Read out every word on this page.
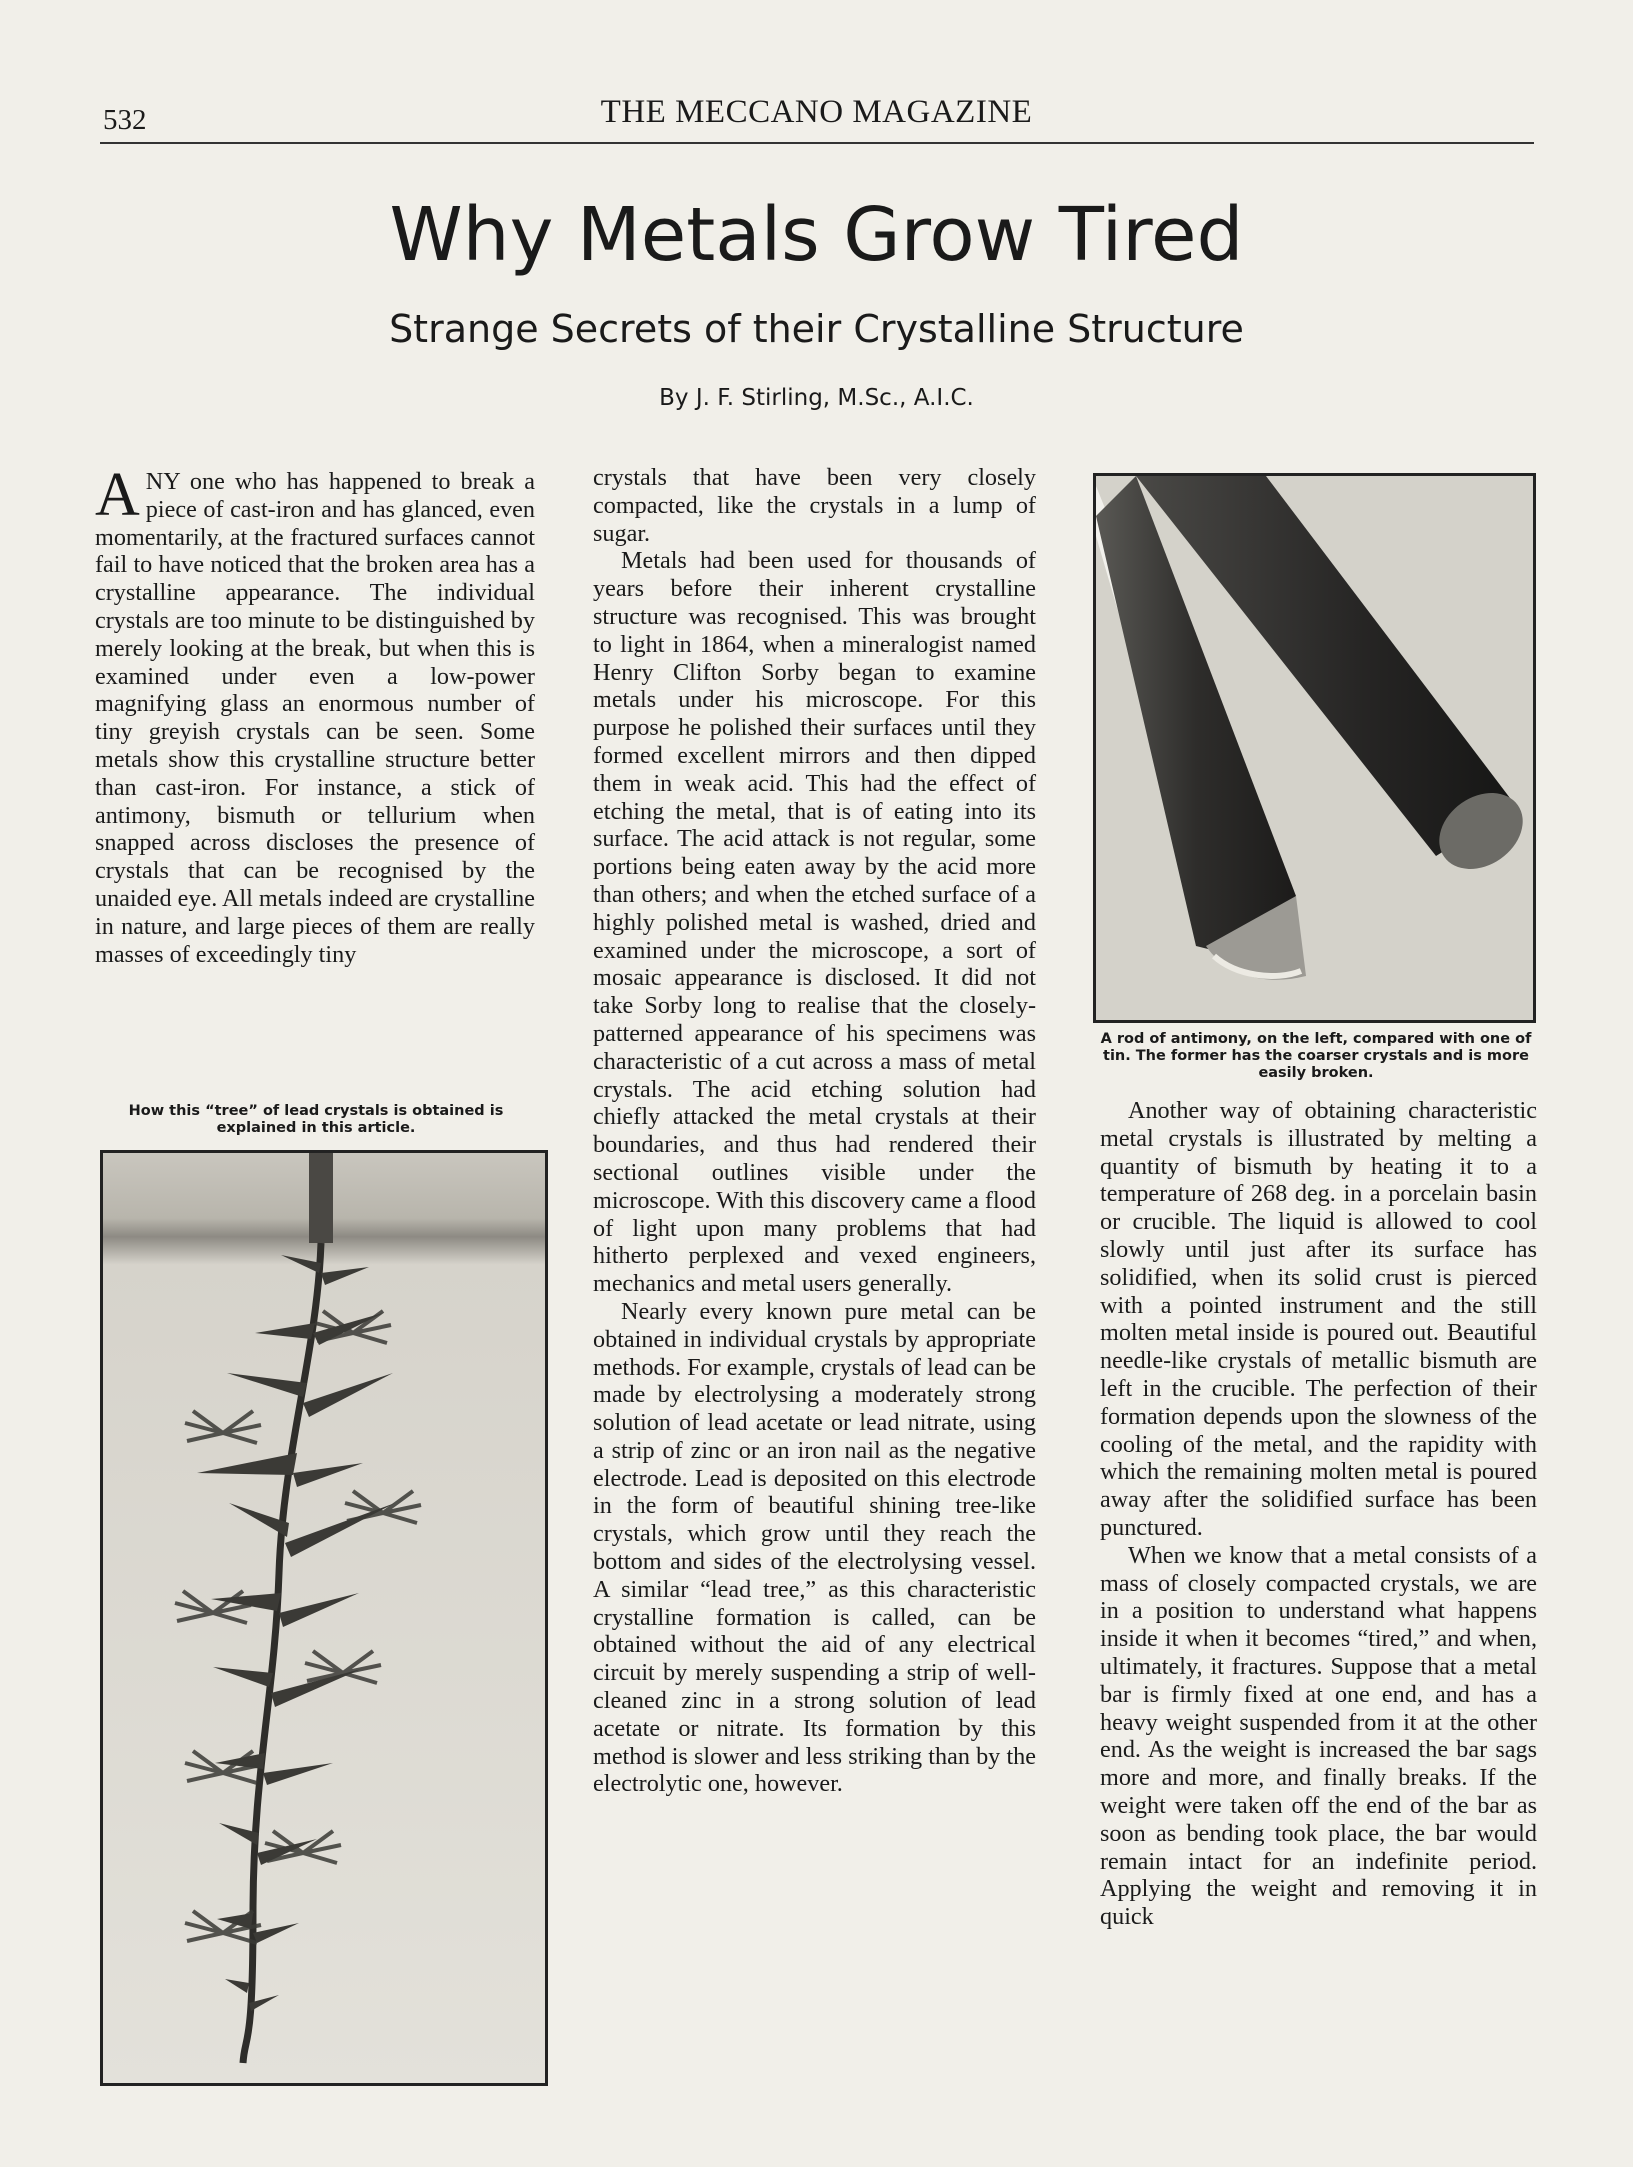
532	THE MECCANO MAGAZINE
Why Metals Grow Tired
Strange Secrets of their Crystalline Structure
By J. F. Stirling, M.Sc., A.I.C.

ANY one who has happened to break a piece of cast-iron and has glanced, even momentarily, at the fractured surfaces cannot fail to have noticed that the broken area has a crystalline appearance. The individual crystals are too minute to be distinguished by merely looking at the break, but when this is examined under even a low-power magnifying glass an enormous number of tiny greyish crystals can be seen. Some metals show this crystalline structure better than cast-iron. For instance, a stick of antimony, bismuth or tellurium when snapped across discloses the presence of crystals that can be recognised by the unaided eye. All metals indeed are crystalline in nature, and large pieces of them are really masses of exceedingly tiny

How this “tree” of lead crystals is obtained is explained in this article.

crystals that have been very closely compacted, like the crystals in a lump of sugar.

Metals had been used for thousands of years before their inherent crystalline structure was recognised. This was brought to light in 1864, when a mineralogist named Henry Clifton Sorby began to examine metals under his microscope. For this purpose he polished their surfaces until they formed excellent mirrors and then dipped them in weak acid. This had the effect of etching the metal, that is of eating into its surface. The acid attack is not regular, some portions being eaten away by the acid more than others; and when the etched surface of a highly polished metal is washed, dried and examined under the microscope, a sort of mosaic appearance is disclosed. It did not take Sorby long to realise that the closely-patterned appearance of his specimens was characteristic of a cut across a mass of metal crystals. The acid etching solution had chiefly attacked the metal crystals at their boundaries, and thus had rendered their sectional outlines visible under the microscope. With this discovery came a flood of light upon many problems that had hitherto perplexed and vexed engineers, mechanics and metal users generally.

Nearly every known pure metal can be obtained in individual crystals by appropriate methods. For example, crystals of lead can be made by electrolysing a moderately strong solution of lead acetate or lead nitrate, using a strip of zinc or an iron nail as the negative electrode. Lead is deposited on this electrode in the form of beautiful shining tree-like crystals, which grow until they reach the bottom and sides of the electrolysing vessel. A similar “lead tree,” as this characteristic crystalline formation is called, can be obtained without the aid of any electrical circuit by merely suspending a strip of well-cleaned zinc in a strong solution of lead acetate or nitrate. Its formation by this method is slower and less striking than by the electrolytic one, however.

A rod of antimony, on the left, compared with one of tin. The former has the coarser crystals and is more easily broken.

Another way of obtaining characteristic metal crystals is illustrated by melting a quantity of bismuth by heating it to a temperature of 268 deg. in a porcelain basin or crucible. The liquid is allowed to cool slowly until just after its surface has solidified, when its solid crust is pierced with a pointed instrument and the still molten metal inside is poured out. Beautiful needle-like crystals of metallic bismuth are left in the crucible. The perfection of their formation depends upon the slowness of the cooling of the metal, and the rapidity with which the remaining molten metal is poured away after the solidified surface has been punctured.

When we know that a metal consists of a mass of closely compacted crystals, we are in a position to understand what happens inside it when it becomes “tired,” and when, ultimately, it fractures. Suppose that a metal bar is firmly fixed at one end, and has a heavy weight suspended from it at the other end. As the weight is increased the bar sags more and more, and finally breaks. If the weight were taken off the end of the bar as soon as bending took place, the bar would remain intact for an indefinite period. Applying the weight and removing it in quick
